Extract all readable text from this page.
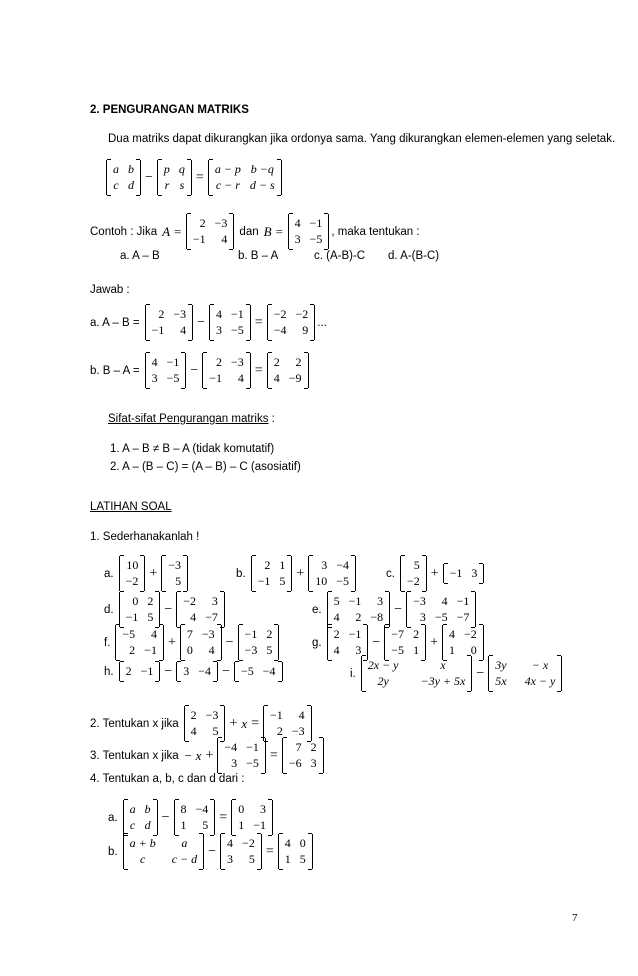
2. PENGURANGAN MATRIKS
Dua matriks dapat dikurangkan jika ordonya sama. Yang dikurangkan elemen-elemen yang seletak.
a b
c d
−
p q
r s
=
a − p b −q
c − r d − s
Contoh : Jika A =
2 −3
−1	4
dan B =
4 −1
3 −5
, maka tentukan :
a. A – B	b. B – A	c. (A-B)-C d. A-(B-C)
Jawab :
a. A – B =
2 −3
−1	4
−
4 −1
3 −5
=
−2 −2
−4	9
...
b. B – A =
4 −1
3 −5
−
2 −3
−1	4
=
2	2
4 −9
Sifat-sifat Pengurangan matriks :
1. A – B ≠ B – A (tidak komutatif)
2. A – (B – C) = (A – B) – C (asosiatif)
LATIHAN SOAL
1. Sederhanakanlah !
a.
10
−2
+
−3
5
b.
2 1
−1 5
+
3 −4
10 −5
c.
5
−2
+ −1 3
d.
0 2
−1 5
−
−2	3
4 −7
e.
5 −1	3
4	2 −8
−
−3	4 −1
3 −5 −7
f.
−5	4
2 −1
+
7 −3
0	4
−
−1 2
−3 5
g.
2 −1
4	3
−
−7 2
−5 1
+
4 −2
1	0
h. 2 −1 − 3 −4 − −5 −4	i.
2x − y	x
2y	−3y + 5x
−
3y	− x
5x 4x − y
2. Tentukan x jika
2 −3
4	5
+ x =
−1	4
2 −3
3. Tentukan x jika − x +
−4 −1
3 −5
=
7 2
−6 3
4. Tentukan a, b, c dan d dari :
a.
a b
c d
−
8 −4
1	5
=
0	3
1 −1
b.
a + b	a
c	c − d
−
4 −2
3	5
=
4 0
1 5
7
